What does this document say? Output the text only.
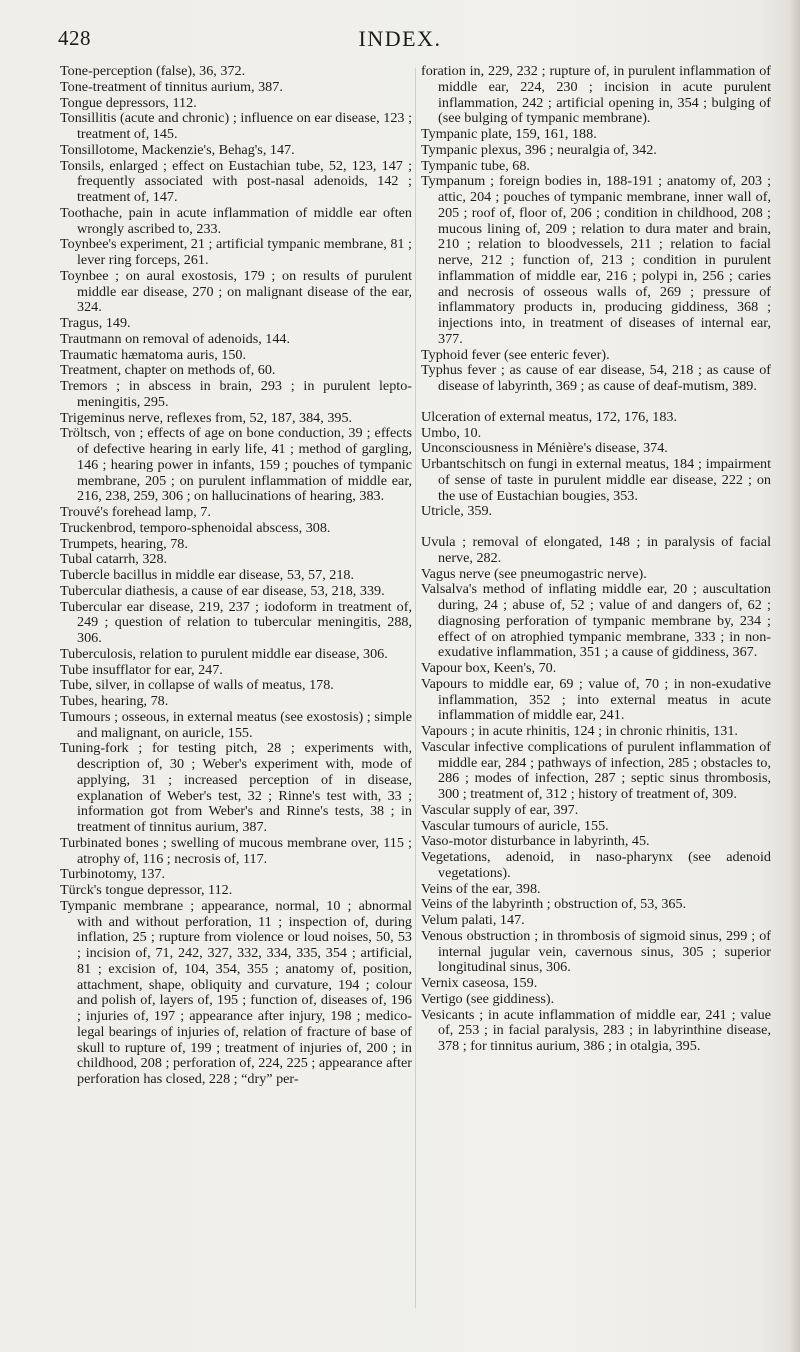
428	INDEX.

Tone-perception (false), 36, 372.

Tone-treatment of tinnitus aurium, 387.

Tongue depressors, 112.

Tonsillitis (acute and chronic) ; influence on ear disease, 123 ; treatment of, 145.

Tonsillotome, Mackenzie's, Behag's, 147.

Tonsils, enlarged ; effect on Eustachian tube, 52, 123, 147 ; frequently associated with post-nasal adenoids, 142 ; treatment of, 147.

Toothache, pain in acute inflammation of middle ear often wrongly ascribed to, 233.

Toynbee's experiment, 21 ; artificial tympanic membrane, 81 ; lever ring forceps, 261.

Toynbee ; on aural exostosis, 179 ; on results of purulent middle ear disease, 270 ; on malignant disease of the ear, 324.

Tragus, 149.

Trautmann on removal of adenoids, 144.

Traumatic hæmatoma auris, 150.

Treatment, chapter on methods of, 60.

Tremors ; in abscess in brain, 293 ; in purulent lepto-meningitis, 295.

Trigeminus nerve, reflexes from, 52, 187, 384, 395.

Tröltsch, von ; effects of age on bone conduction, 39 ; effects of defective hearing in early life, 41 ; method of gargling, 146 ; hearing power in infants, 159 ; pouches of tympanic membrane, 205 ; on purulent inflammation of middle ear, 216, 238, 259, 306 ; on hallucinations of hearing, 383.

Trouvé's forehead lamp, 7.

Truckenbrod, temporo-sphenoidal abscess, 308.

Trumpets, hearing, 78.

Tubal catarrh, 328.

Tubercle bacillus in middle ear disease, 53, 57, 218.

Tubercular diathesis, a cause of ear disease, 53, 218, 339.

Tubercular ear disease, 219, 237 ; iodoform in treatment of, 249 ; question of relation to tubercular meningitis, 288, 306.

Tuberculosis, relation to purulent middle ear disease, 306.

Tube insufflator for ear, 247.

Tube, silver, in collapse of walls of meatus, 178.

Tubes, hearing, 78.

Tumours ; osseous, in external meatus (see exostosis) ; simple and malignant, on auricle, 155.

Tuning-fork ; for testing pitch, 28 ; experiments with, description of, 30 ; Weber's experiment with, mode of applying, 31 ; increased perception of in disease, explanation of Weber's test, 32 ; Rinne's test with, 33 ; information got from Weber's and Rinne's tests, 38 ; in treatment of tinnitus aurium, 387.

Turbinated bones ; swelling of mucous membrane over, 115 ; atrophy of, 116 ; necrosis of, 117.

Turbinotomy, 137.

Türck's tongue depressor, 112.

Tympanic membrane ; appearance, normal, 10 ; abnormal with and without perforation, 11 ; inspection of, during inflation, 25 ; rupture from violence or loud noises, 50, 53 ; incision of, 71, 242, 327, 332, 334, 335, 354 ; artificial, 81 ; excision of, 104, 354, 355 ; anatomy of, position, attachment, shape, obliquity and curvature, 194 ; colour and polish of, layers of, 195 ; function of, diseases of, 196 ; injuries of, 197 ; appearance after injury, 198 ; medico-legal bearings of injuries of, relation of fracture of base of skull to rupture of, 199 ; treatment of injuries of, 200 ; in childhood, 208 ; perforation of, 224, 225 ; appearance after perforation has closed, 228 ; “dry” per-

foration in, 229, 232 ; rupture of, in purulent inflammation of middle ear, 224, 230 ; incision in acute purulent inflammation, 242 ; artificial opening in, 354 ; bulging of (see bulging of tympanic membrane).

Tympanic plate, 159, 161, 188.

Tympanic plexus, 396 ; neuralgia of, 342.

Tympanic tube, 68.

Tympanum ; foreign bodies in, 188-191 ; anatomy of, 203 ; attic, 204 ; pouches of tympanic membrane, inner wall of, 205 ; roof of, floor of, 206 ; condition in childhood, 208 ; mucous lining of, 209 ; relation to dura mater and brain, 210 ; relation to bloodvessels, 211 ; relation to facial nerve, 212 ; function of, 213 ; condition in purulent inflammation of middle ear, 216 ; polypi in, 256 ; caries and necrosis of osseous walls of, 269 ; pressure of inflammatory products in, producing giddiness, 368 ; injections into, in treatment of diseases of internal ear, 377.

Typhoid fever (see enteric fever).

Typhus fever ; as cause of ear disease, 54, 218 ; as cause of disease of labyrinth, 369 ; as cause of deaf-mutism, 389.

Ulceration of external meatus, 172, 176, 183.

Umbo, 10.

Unconsciousness in Ménière's disease, 374.

Urbantschitsch on fungi in external meatus, 184 ; impairment of sense of taste in purulent middle ear disease, 222 ; on the use of Eustachian bougies, 353.

Utricle, 359.

Uvula ; removal of elongated, 148 ; in paralysis of facial nerve, 282.

Vagus nerve (see pneumogastric nerve).

Valsalva's method of inflating middle ear, 20 ; auscultation during, 24 ; abuse of, 52 ; value of and dangers of, 62 ; diagnosing perforation of tympanic membrane by, 234 ; effect of on atrophied tympanic membrane, 333 ; in non-exudative inflammation, 351 ; a cause of giddiness, 367.

Vapour box, Keen's, 70.

Vapours to middle ear, 69 ; value of, 70 ; in non-exudative inflammation, 352 ; into external meatus in acute inflammation of middle ear, 241.

Vapours ; in acute rhinitis, 124 ; in chronic rhinitis, 131.

Vascular infective complications of purulent inflammation of middle ear, 284 ; pathways of infection, 285 ; obstacles to, 286 ; modes of infection, 287 ; septic sinus thrombosis, 300 ; treatment of, 312 ; history of treatment of, 309.

Vascular supply of ear, 397.

Vascular tumours of auricle, 155.

Vaso-motor disturbance in labyrinth, 45.

Vegetations, adenoid, in naso-pharynx (see adenoid vegetations).

Veins of the ear, 398.

Veins of the labyrinth ; obstruction of, 53, 365.

Velum palati, 147.

Venous obstruction ; in thrombosis of sigmoid sinus, 299 ; of internal jugular vein, cavernous sinus, 305 ; superior longitudinal sinus, 306.

Vernix caseosa, 159.

Vertigo (see giddiness).

Vesicants ; in acute inflammation of middle ear, 241 ; value of, 253 ; in facial paralysis, 283 ; in labyrinthine disease, 378 ; for tinnitus aurium, 386 ; in otalgia, 395.
